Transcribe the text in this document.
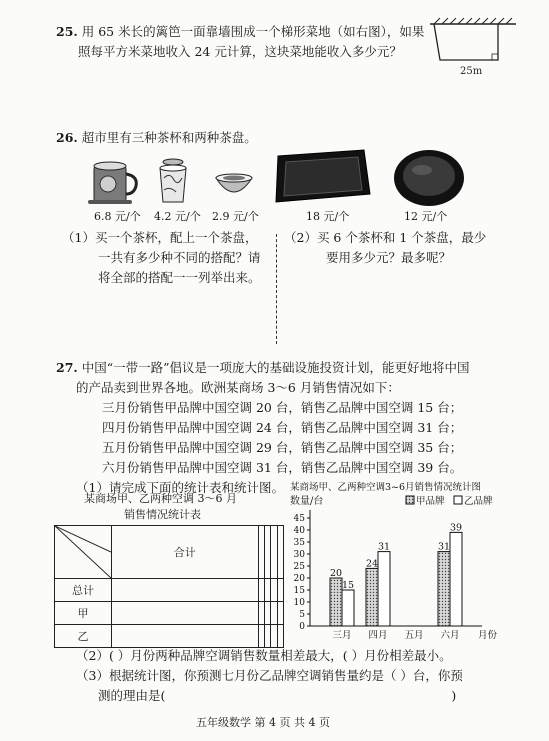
25. 用 65 米长的篱笆一面靠墙围成一个梯形菜地（如右图），如果
照每平方米菜地收入 24 元计算，这块菜地能收入多少元？
25m
26. 超市里有三种茶杯和两种茶盘。
6.8 元/个 4.2 元/个 2.9 元/个	18 元/个	12 元/个
（1）买一个茶杯，配上一个茶盘，
一共有多少种不同的搭配？请
将全部的搭配一一列举出来。
（2）买 6 个茶杯和 1 个茶盘，最少
要用多少元？最多呢？
27. 中国“一带一路”倡议是一项庞大的基础设施投资计划，能更好地将中国
的产品卖到世界各地。欧洲某商场 3～6 月销售情况如下：
三月份销售甲品牌中国空调 20 台，销售乙品牌中国空调 15 台；
四月份销售甲品牌中国空调 24 台，销售乙品牌中国空调 31 台；
五月份销售甲品牌中国空调 29 台，销售乙品牌中国空调 35 台；
六月份销售甲品牌中国空调 31 台，销售乙品牌中国空调 39 台。
（1）请完成下面的统计表和统计图。
某商场甲、乙两种空调 3～6 月
销售情况统计表
	合计				
总计					
甲					
乙					
某商场甲、乙两种空调3~6月销售情况统计图
数量/台	甲品牌 乙品牌
0
5
10
15
20
25
30
35
40
45
三月 四月 五月 六月 月份
20
24
31
15
31
39
（2）( ）月份两种品牌空调销售数量相差最大，( ）月份相差最小。
（3）根据统计图，你预测七月份乙品牌空调销售量约是（ ）台，你预
测的理由是(	)
五年级数学 第 4 页 共 4 页
